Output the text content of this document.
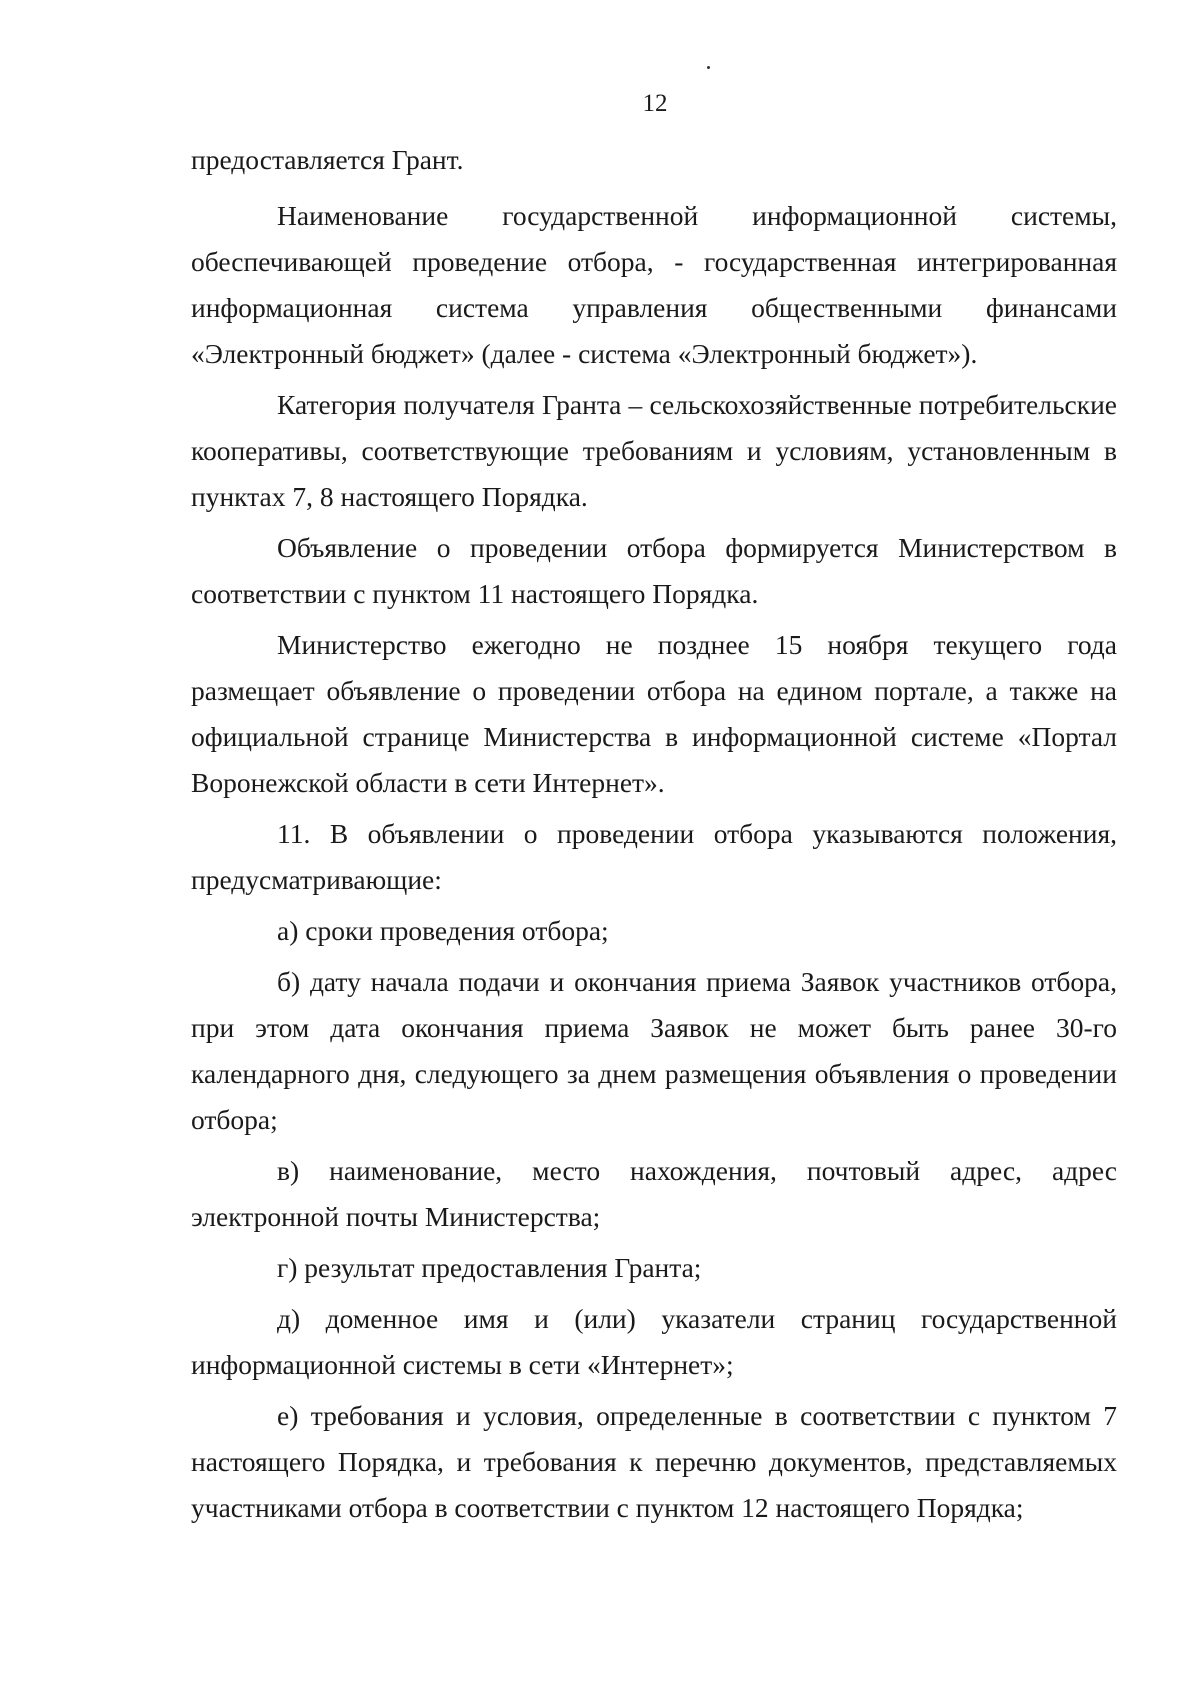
12

предоставляется Грант.

Наименование государственной информационной системы, обеспечивающей проведение отбора, - государственная интегрированная информационная система управления общественными финансами «Электронный бюджет» (далее - система «Электронный бюджет»).

Категория получателя Гранта – сельскохозяйственные потребительские кооперативы, соответствующие требованиям и условиям, установленным в пунктах 7, 8 настоящего Порядка.

Объявление о проведении отбора формируется Министерством в соответствии с пунктом 11 настоящего Порядка.

Министерство ежегодно не позднее 15 ноября текущего года размещает объявление о проведении отбора на едином портале, а также на официальной странице Министерства в информационной системе «Портал Воронежской области в сети Интернет».

11. В объявлении о проведении отбора указываются положения, предусматривающие:

а) сроки проведения отбора;

б) дату начала подачи и окончания приема Заявок участников отбора, при этом дата окончания приема Заявок не может быть ранее 30-го календарного дня, следующего за днем размещения объявления о проведении отбора;

в) наименование, место нахождения, почтовый адрес, адрес электронной почты Министерства;

г) результат предоставления Гранта;

д) доменное имя и (или) указатели страниц государственной информационной системы в сети «Интернет»;

е) требования и условия, определенные в соответствии с пунктом 7 настоящего Порядка, и требования к перечню документов, представляемых участниками отбора в соответствии с пунктом 12 настоящего Порядка;
